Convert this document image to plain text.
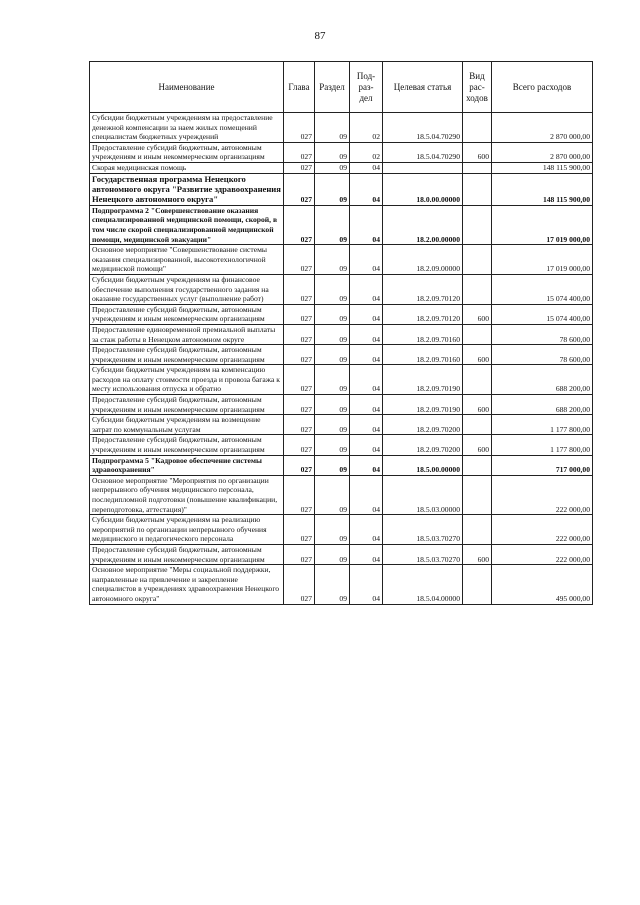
87
Наименование	Глава	Раздел	Под-раз-дел	Целевая статья	Вид рас-ходов	Всего расходов
Субсидии бюджетным учреждениям на предоставление денежной компенсации за наем жилых помещений специалистам бюджетных учреждений	027	09	02	18.5.04.70290		2 870 000,00
Предоставление субсидий бюджетным, автономным учреждениям и иным некоммерческим организациям	027	09	02	18.5.04.70290	600	2 870 000,00
Скорая медицинская помощь	027	09	04			148 115 900,00
Государственная программа Ненецкого автономного округа "Развитие здравоохранения Ненецкого автономного округа"	027	09	04	18.0.00.00000		148 115 900,00
Подпрограмма 2 "Совершенствование оказания специализированной медицинской помощи, скорой, в том числе скорой специализированной медицинской помощи, медицинской эвакуации"	027	09	04	18.2.00.00000		17 019 000,00
Основное мероприятие "Совершенствование системы оказания специализированной, высокотехнологичной медицинской помощи"	027	09	04	18.2.09.00000		17 019 000,00
Субсидии бюджетным учреждениям на финансовое обеспечение выполнения государственного задания на оказание государственных услуг (выполнение работ)	027	09	04	18.2.09.70120		15 074 400,00
Предоставление субсидий бюджетным, автономным учреждениям и иным некоммерческим организациям	027	09	04	18.2.09.70120	600	15 074 400,00
Предоставление единовременной премиальной выплаты за стаж работы в Ненецком автономном округе	027	09	04	18.2.09.70160		78 600,00
Предоставление субсидий бюджетным, автономным учреждениям и иным некоммерческим организациям	027	09	04	18.2.09.70160	600	78 600,00
Субсидии бюджетным учреждениям на компенсацию расходов на оплату стоимости проезда и провоза багажа к месту использования отпуска и обратно	027	09	04	18.2.09.70190		688 200,00
Предоставление субсидий бюджетным, автономным учреждениям и иным некоммерческим организациям	027	09	04	18.2.09.70190	600	688 200,00
Субсидии бюджетным учреждениям на возмещение затрат по коммунальным услугам	027	09	04	18.2.09.70200		1 177 800,00
Предоставление субсидий бюджетным, автономным учреждениям и иным некоммерческим организациям	027	09	04	18.2.09.70200	600	1 177 800,00
Подпрограмма 5 "Кадровое обеспечение системы здравоохранения"	027	09	04	18.5.00.00000		717 000,00
Основное мероприятие "Мероприятия по организации непрерывного обучения медицинского персонала, последипломной подготовки (повышение квалификации, переподготовка, аттестация)"	027	09	04	18.5.03.00000		222 000,00
Субсидии бюджетным учреждениям на реализацию мероприятий по организации непрерывного обучения медицинского и педагогического персонала	027	09	04	18.5.03.70270		222 000,00
Предоставление субсидий бюджетным, автономным учреждениям и иным некоммерческим организациям	027	09	04	18.5.03.70270	600	222 000,00
Основное мероприятие "Меры социальной поддержки, направленные на привлечение и закрепление специалистов в учреждениях здравоохранения Ненецкого автономного округа"	027	09	04	18.5.04.00000		495 000,00
